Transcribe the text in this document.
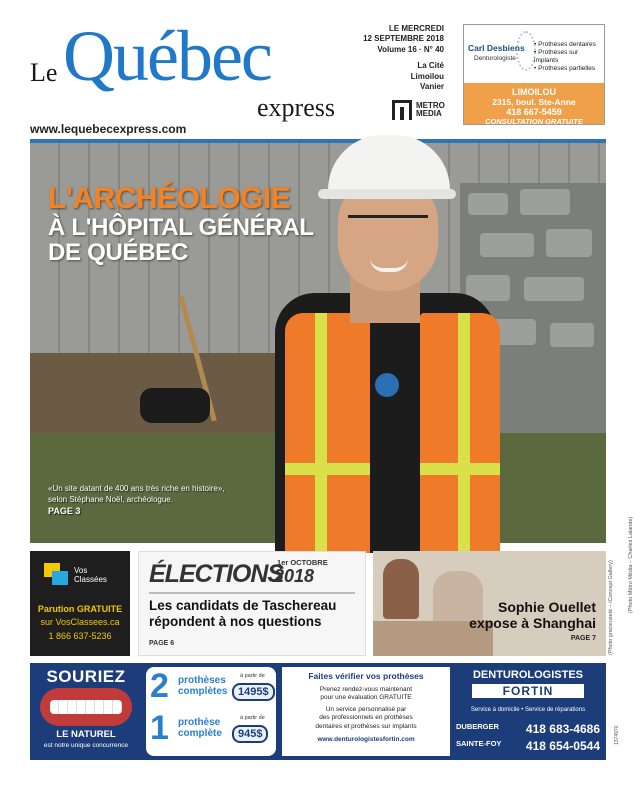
Le Québec
express
www.lequebecexpress.com
LE MERCREDI
12 SEPTEMBRE 2018
Volume 16 · N° 40
La Cité
Limoilou
Vanier
METRO
MEDIA
Carl Desbiens
Denturologiste
• Prothèses dentaires
• Prothèses sur implants
• Prothèses partielles
LIMOILOU
2315, boul. Ste-Anne
418 667-5459
CONSULTATION GRATUITE
L'ARCHÉOLOGIE
À L'HÔPITAL GÉNÉRAL
DE QUÉBEC
«Un site datant de 400 ans très riche en histoire»,
selon Stéphane Noël, archéologue.
PAGE 3
(Photo Métro Média – Charles Lalande)
Vos
Classées
Parution GRATUITE
sur VosClassees.ca
1 866 637-5236
ÉLECTIONS
1er OCTOBRE
2018
Les candidats de Taschereau répondent à nos questions
PAGE 6
Sophie Ouellet
expose à Shanghai
PAGE 7 (Photo gracieuseté – iConcept Gallery)
SOURIEZ
LE NATUREL
est notre unique concurrence
2 prothèses
complètes
à partir de
1495$
1 prothèse
complète
à partir de
945$
Faites vérifier vos prothèses
Prenez rendez-vous maintenant
pour une évaluation GRATUITE
Un service personnalisé par
des professionnels en prothèses
dentaires et prothèses sur implants
www.denturologistesfortin.com
DENTUROLOGISTES
FORTIN
Service à domicile • Service de réparations
DUBERGER 418 683-4686
SAINTE-FOY 418 654-0544
1374970
